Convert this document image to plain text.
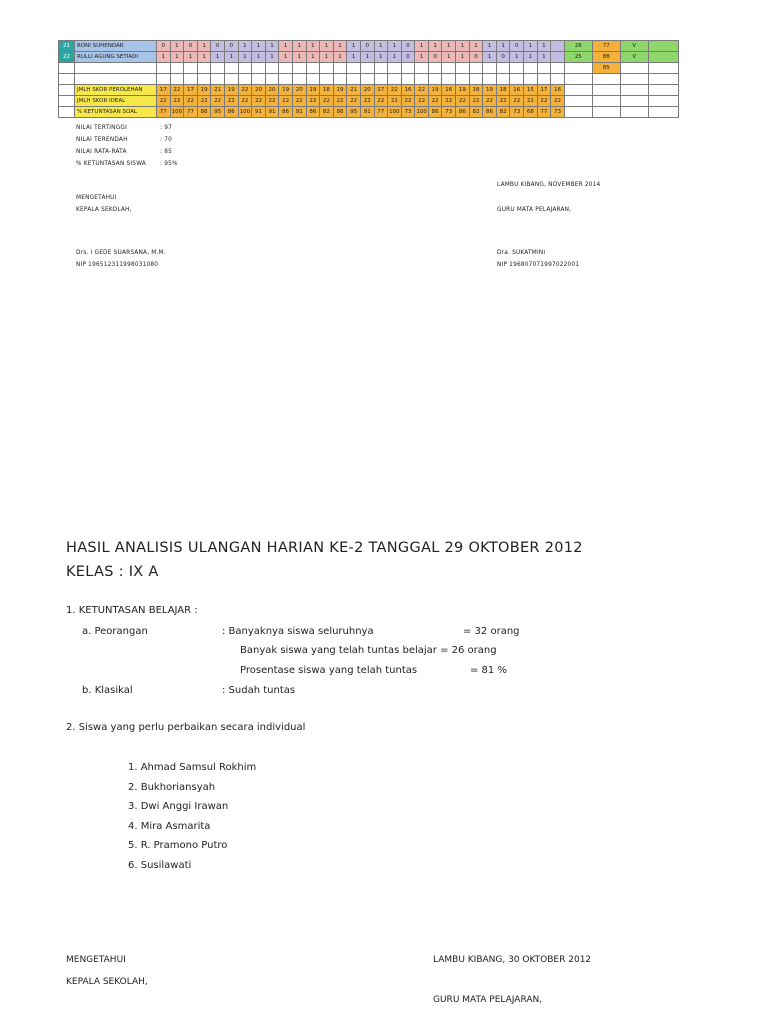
21	RONI SUHENDAR	0	1	0	1	0	0	1	1	1	1	1	1	1	1	1	0	1	1	0	1	1	1	1	1	1	1	0	1	1		28	77	V	
22	RULLI AGUNG SETIADI	1	1	1	1	1	1	1	1	1	1	1	1	1	1	1	1	1	1	0	1	0	1	1	0	1	0	1	1	1		25	88	V	
																																	85		

	JMLH SKOR PEROLEHAN	17	22	17	19	21	19	22	20	20	19	20	19	18	19	21	20	17	22	16	22	19	16	19	18	19	18	16	15	17	16				
	JMLH SKOR IDEAL	22	22	22	22	22	22	22	22	22	22	22	22	22	22	22	22	22	22	22	22	22	22	22	22	22	22	22	22	22	22				
	% KETUNTASAN SOAL	77	100	77	86	95	86	100	91	91	86	91	86	82	86	95	91	77	100	73	100	86	73	86	82	86	82	73	68	77	73				
NILAI TERTINGGI	: 97
NILAI TERENDAH	: 70
NILAI RATA-RATA	: 85
% KETUNTASAN SISWA : 95%
LAMBU KIBANG, NOVEMBER 2014
MENGETAHUI
KEPALA SEKOLAH,	GURU MATA PELAJARAN,
Drs. I GEDE SUARSANA, M.M.
NIP 196512311998031080
Dra. SUKATMINI
NIP 196807071997022001
HASIL ANALISIS ULANGAN HARIAN KE-2 TANGGAL 29 OKTOBER 2012
KELAS : IX A
1. KETUNTASAN BELAJAR :
a. Peorangan	: Banyaknya siswa seluruhnya	= 32 orang
Banyak siswa yang telah tuntas belajar = 26 orang
Prosentase siswa yang telah tuntas	= 81 %
b. Klasikal	: Sudah tuntas
2. Siswa yang perlu perbaikan secara individual
1. Ahmad Samsul Rokhim
2. Bukhoriansyah
3. Dwi Anggi Irawan
4. Mira Asmarita
5. R. Pramono Putro
6. Susilawati
MENGETAHUI
KEPALA SEKOLAH,
LAMBU KIBANG, 30 OKTOBER 2012
GURU MATA PELAJARAN,
